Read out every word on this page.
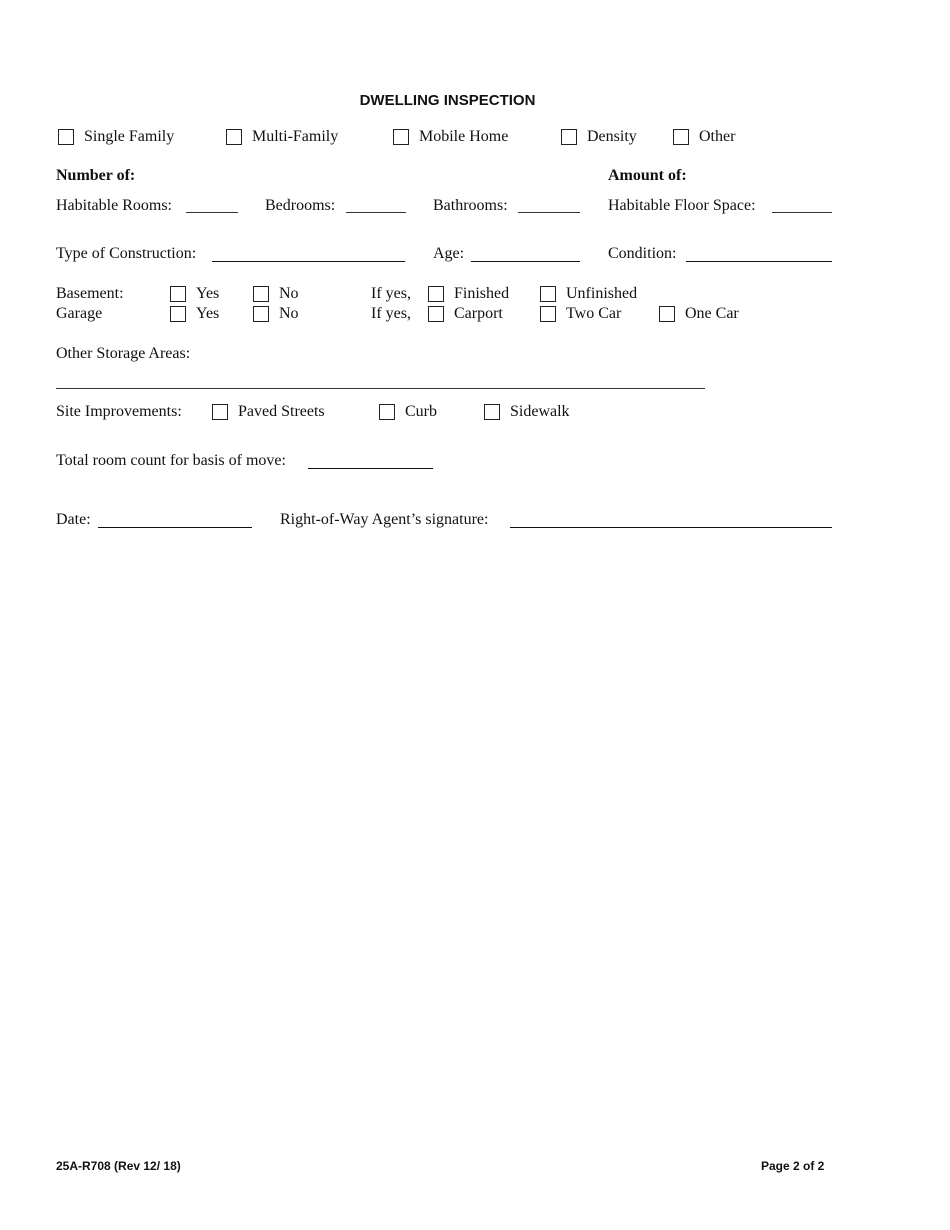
DWELLING INSPECTION
Single Family	Multi-Family	Mobile Home	Density	Other
Number of:	Amount of:
Habitable Rooms:	Bedrooms:	Bathrooms:	Habitable Floor Space:
Type of Construction:	Age:	Condition:
Basement:	Yes	No	If yes,	Finished	Unfinished
Garage	Yes	No	If yes,	Carport	Two Car	One Car
Other Storage Areas:
Site Improvements:	Paved Streets	Curb	Sidewalk
Total room count for basis of move:
Date:	Right-of-Way Agent’s signature:
25A-R708 (Rev 12/ 18)	Page 2 of 2
